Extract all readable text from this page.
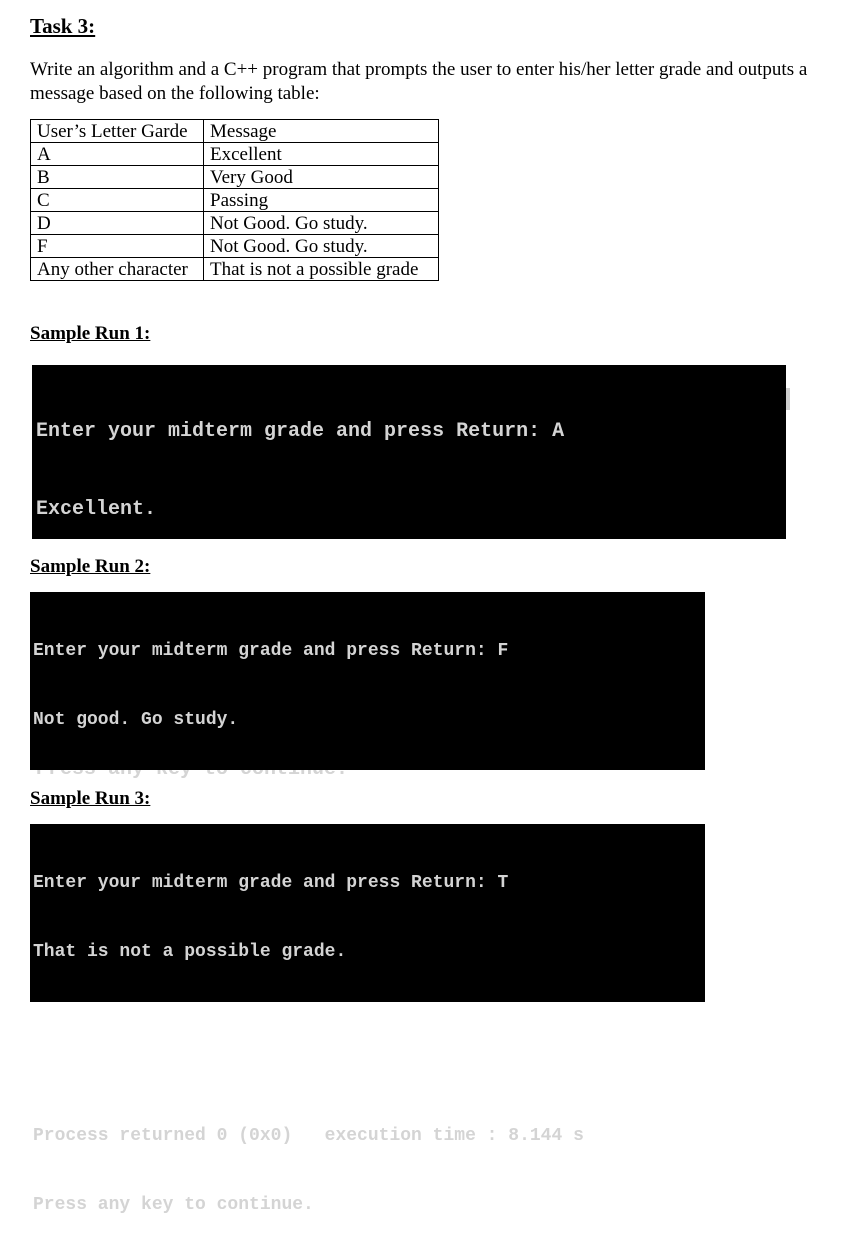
Task 3:
Write an algorithm and a C++ program that prompts the user to enter his/her letter grade and outputs a message based on the following table:
User’s Letter Garde	Message
A	Excellent
B	Very Good
C	Passing
D	Not Good. Go study.
F	Not Good. Go study.
Any other character	That is not a possible grade
Sample Run 1:

Enter your midterm grade and press Return: A

Excellent.

Sample Run 2:

Enter your midterm grade and press Return: F

Not good. Go study.

Sample Run 3:

Enter your midterm grade and press Return: T

That is not a possible grade.

Process returned 0 (0x0)   execution time : 8.144 s

Press any key to continue.
